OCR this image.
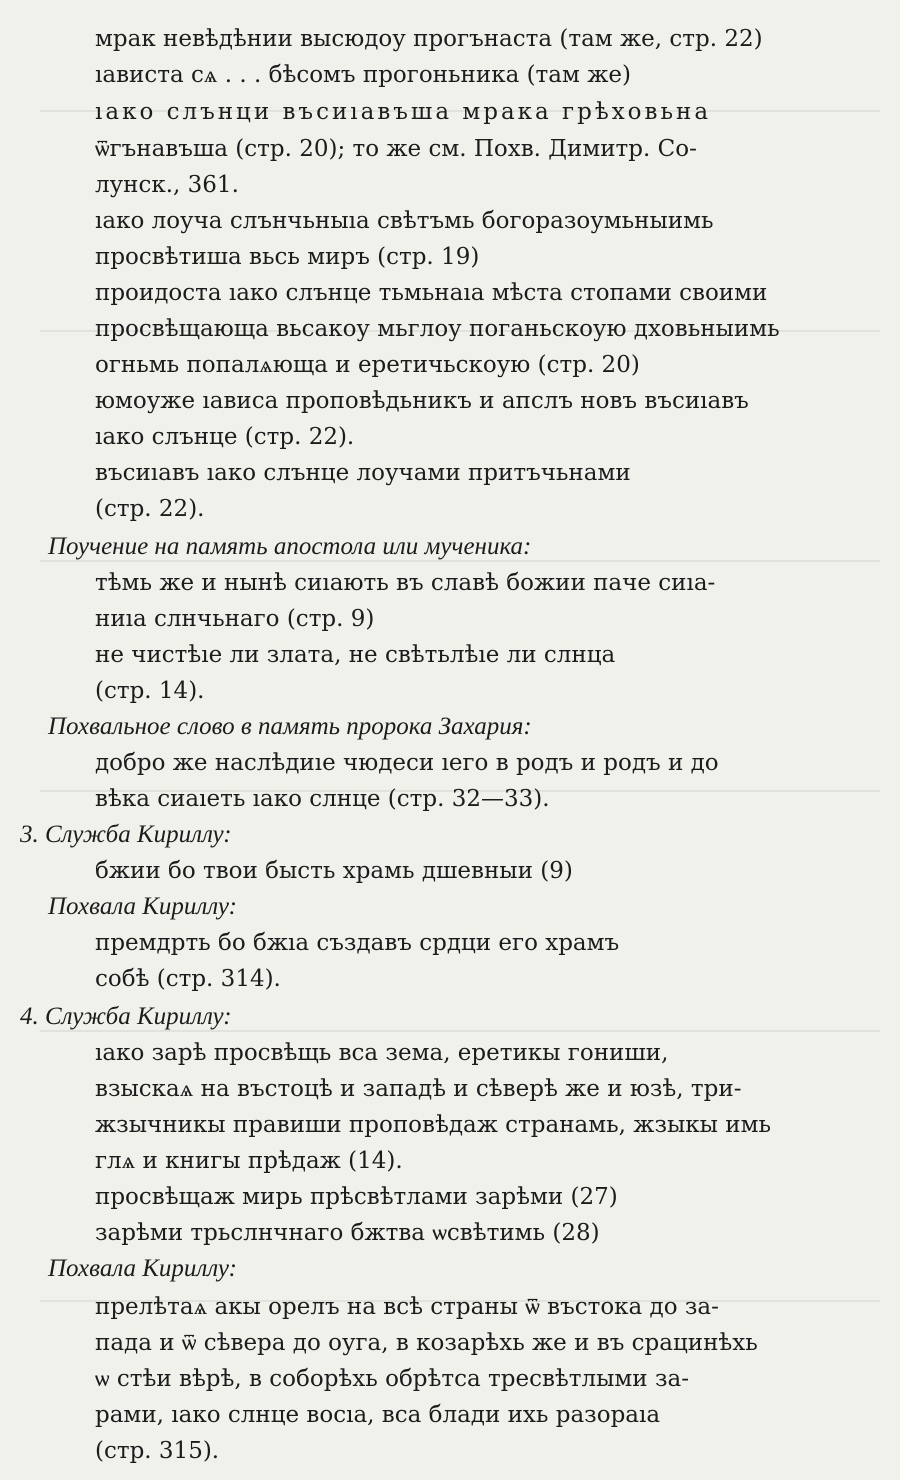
мрак невѣдѣнии высюдоу прогънаста (там же, стр. 22)
ıависта сѧ . . . бѣсомъ прогоньника (там же)
ıако слънци въсиıавъша мрака грѣховьна
ѿгънавъша (стр. 20); то же см. Похв. Димитр. Со-
лунск., 361.
ıако лоуча слънчьныıа свѣтъмь бог‍оразоумьныимь
просвѣтиша вьсь миръ (стр. 19)
проидоста ıако слънце тьмьнаıа мѣста стопами своими
просвѣщающа вьсакоу мьглоу поганьскоую дховьныимь
огньмь попалѧюща и еретичьскоую (стр. 20)
юмоуже ıависа проповѣдьникъ и апслъ новъ въсиıавъ
ıако слънце (стр. 22).
въсиıавъ ıако слънце лоучами притъчьнами
(стр. 22).
Поучение на память апостола или мученика:
тѣмь же и нынѣ сиıають въ славѣ божии паче сиıа-
ниıа слнчьнаго (стр. 9)
не чистѣıе ли злата, не свѣтьлѣıе ли слнца
(стр. 14).
Похвальное слово в память пророка Захария:
добро же наслѣдиıе чюдеси ıего в родъ и родъ и до
вѣка сиаıеть ıако слнце (стр. 32—33).
3. Служба Кириллу:
бжии бо твои бысть храмь дшевныи (9)
Похвала Кириллу:
премдрть бо бжıа създавъ срдци его храмъ
собѣ (стр. 314).
4. Служба Кириллу:
ıако зарѣ просвѣщь вса зема, еретикы гониши,
взыскаѧ на въстоцѣ и западѣ и сѣверѣ же и юзѣ, три-
жзычникы правиши проповѣдаж странамь, жзыкы имь
глѧ и книгы прѣдаж (14).
просвѣщаж мирь прѣсвѣтлами зарѣми (27)
зарѣми трьслнчнаго бжтва ѡсвѣтимь (28)
Похвала Кириллу:
прелѣтаѧ акы орелъ на всѣ страны ѿ въстока до за-
пада и ѿ сѣвера до оуга, в козарѣхь же и въ срацинѣхь
ѡ стѣи вѣрѣ, в соборѣхь обрѣтса тресвѣтлыми за-
рами, ıако слнце восıа, вса блади ихь разораıа
(стр. 315).
